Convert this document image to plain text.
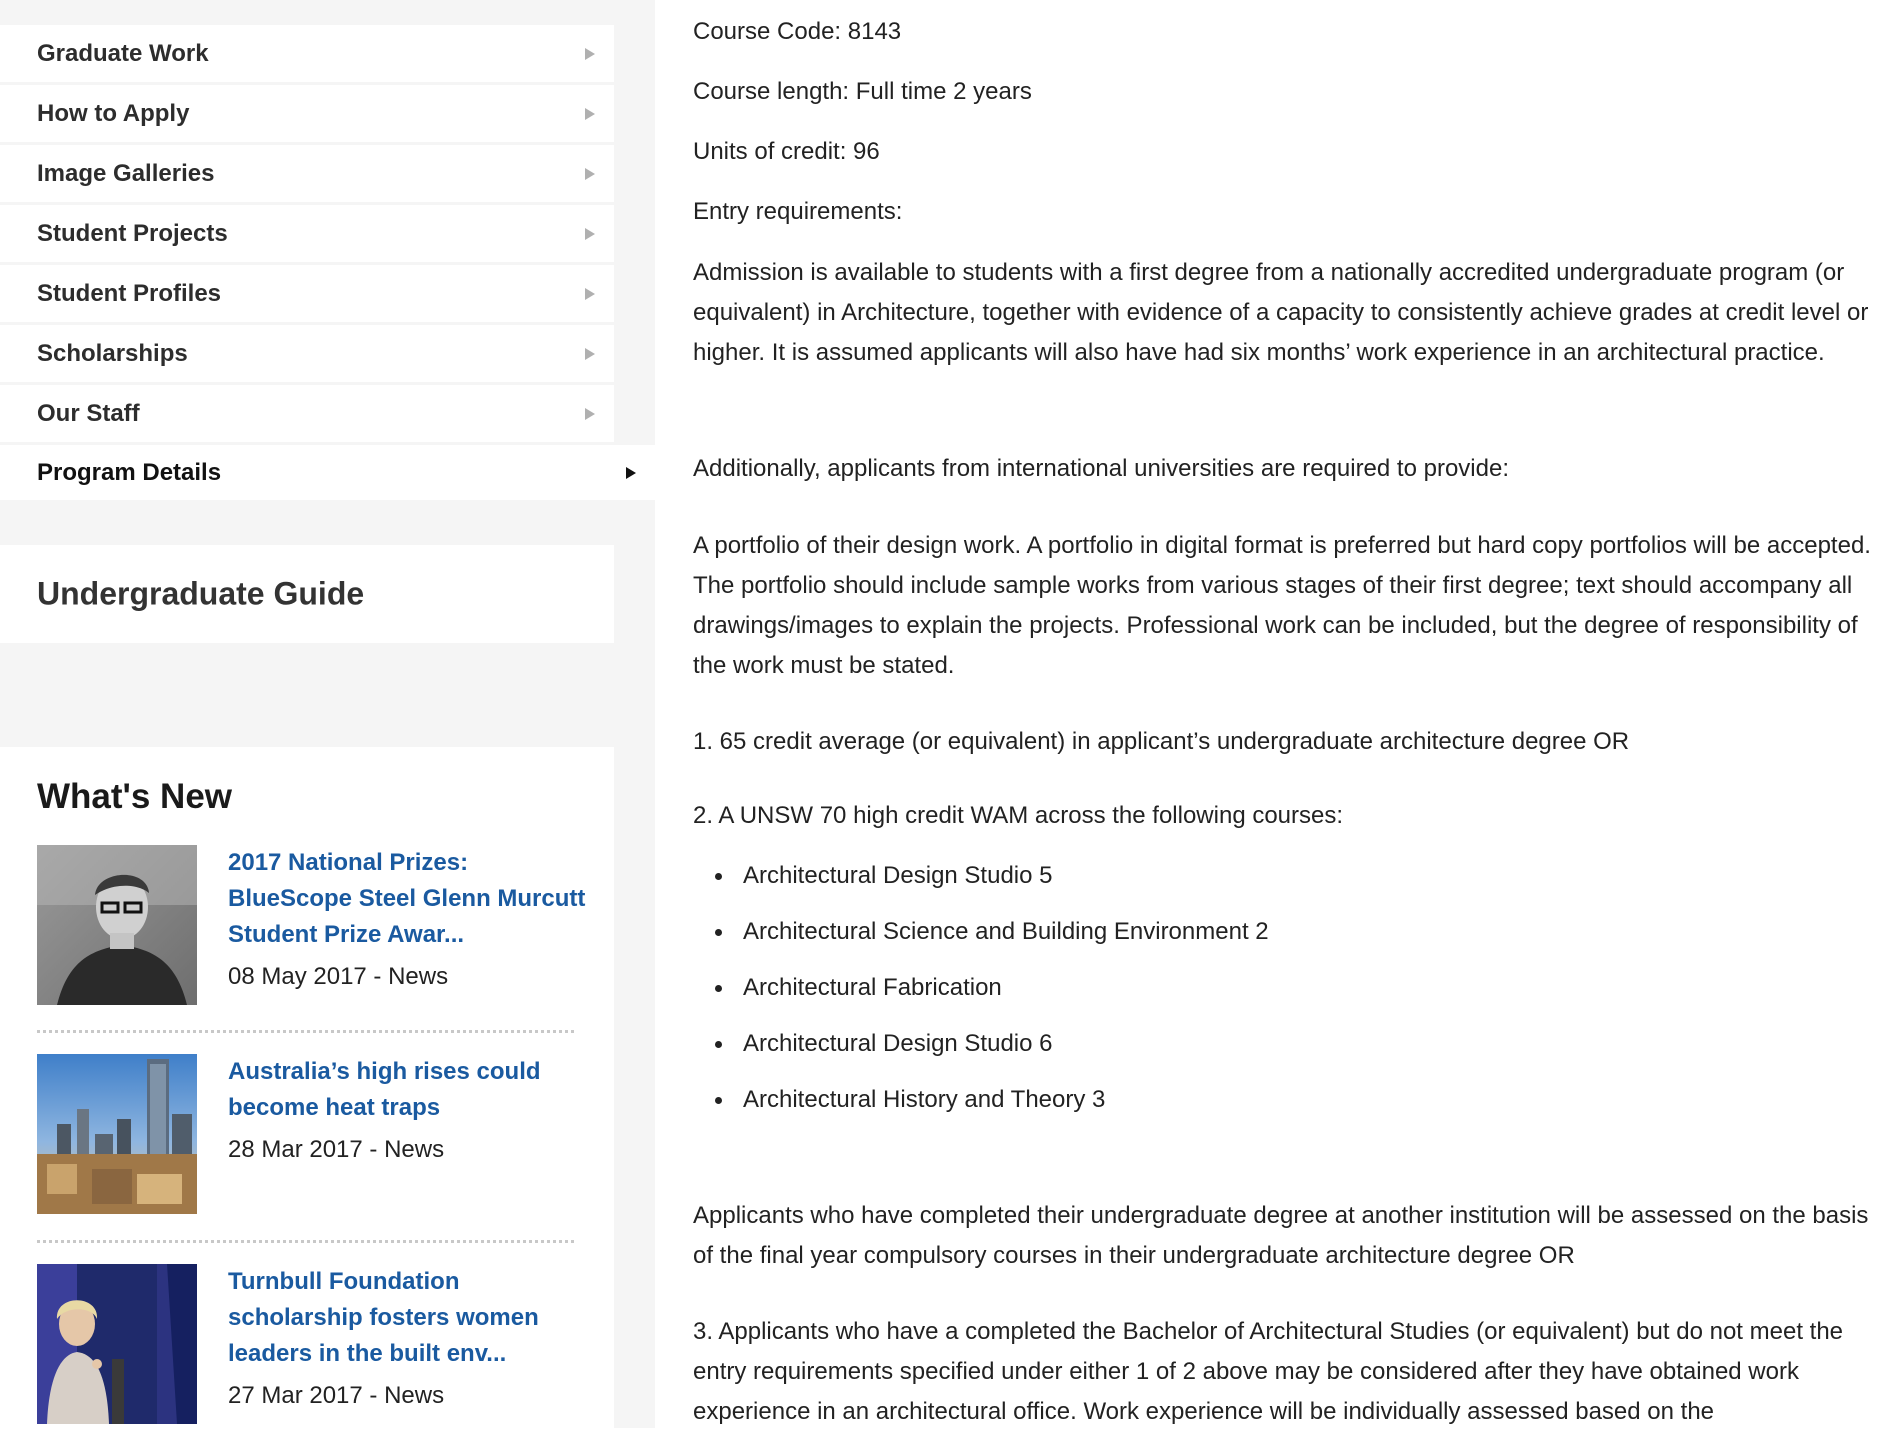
Graduate Work
How to Apply
Image Galleries
Student Projects
Student Profiles
Scholarships
Our Staff
Program Details
Undergraduate Guide
What's New
2017 National Prizes: BlueScope Steel Glenn Murcutt Student Prize Awar...
08 May 2017 - News
Australia’s high rises could become heat traps
28 Mar 2017 - News
Turnbull Foundation scholarship fosters women leaders in the built env...
27 Mar 2017 - News

Course Code: 8143

Course length: Full time 2 years

Units of credit: 96

Entry requirements:

Admission is available to students with a first degree from a nationally accredited undergraduate program (or equivalent) in Architecture, together with evidence of a capacity to consistently achieve grades at credit level or higher. It is assumed applicants will also have had six months’ work experience in an architectural practice.

Additionally, applicants from international universities are required to provide:

A portfolio of their design work. A portfolio in digital format is preferred but hard copy portfolios will be accepted. The portfolio should include sample works from various stages of their first degree; text should accompany all drawings/images to explain the projects. Professional work can be included, but the degree of responsibility of the work must be stated.

1. 65 credit average (or equivalent) in applicant’s undergraduate architecture degree OR

2. A UNSW 70 high credit WAM across the following courses:

Architectural Design Studio 5
Architectural Science and Building Environment 2
Architectural Fabrication
Architectural Design Studio 6
Architectural History and Theory 3

Applicants who have completed their undergraduate degree at another institution will be assessed on the basis of the final year compulsory courses in their undergraduate architecture degree OR

3. Applicants who have a completed the Bachelor of Architectural Studies (or equivalent) but do not meet the entry requirements specified under either 1 of 2 above may be considered after they have obtained work experience in an architectural office. Work experience will be individually assessed based on the
